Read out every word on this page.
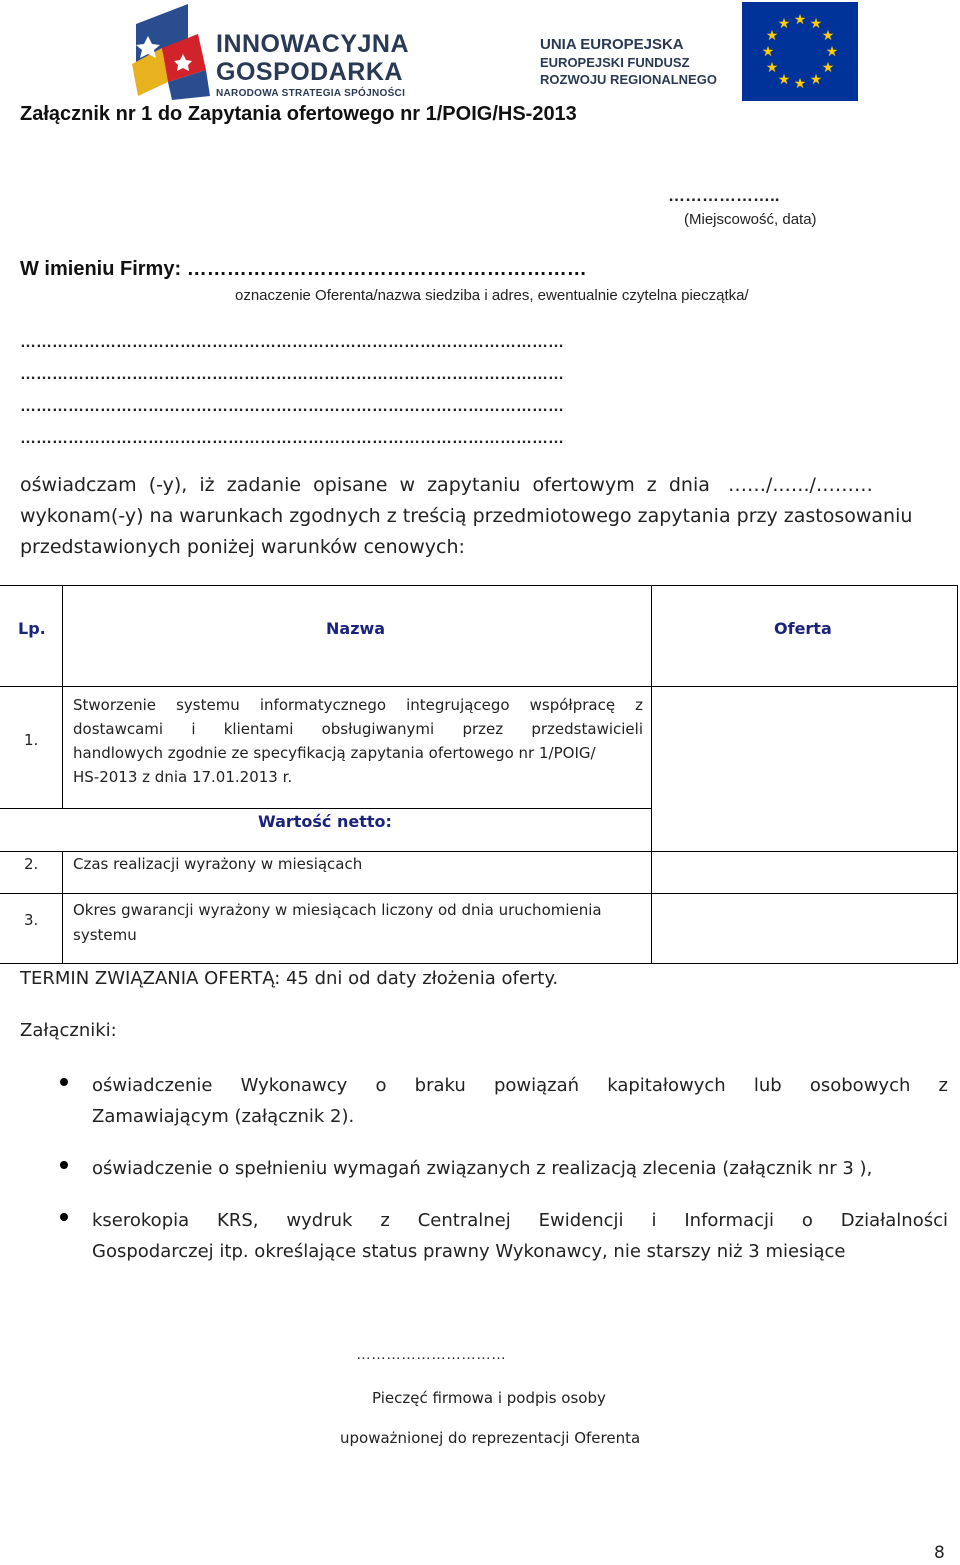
INNOWACYJNA
GOSPODARKA
NARODOWA STRATEGIA SPÓJNOŚCI
UNIA EUROPEJSKA
EUROPEJSKI FUNDUSZ
ROZWOJU REGIONALNEGO
★ ★
★
★
★
★
★
★
★
★
★
★
Załącznik nr 1 do Zapytania ofertowego nr 1/POIG/HS-2013
………………..
(Miejscowość, data)
W imieniu Firmy: ……………………………………………………
oznaczenie Oferenta/nazwa siedziba i adres, ewentualnie czytelna pieczątka/
…………………………………………………………………………………………
…………………………………………………………………………………………
…………………………………………………………………………………………
…………………………………………………………………………………………
oświadczam  (-y),  iż  zadanie  opisane  w  zapytaniu  ofertowym  z  dnia   ……/..…./………
wykonam(-y) na warunkach zgodnych z treścią przedmiotowego zapytania przy zastosowaniu
przedstawionych poniżej warunków cenowych:
Lp.	Nazwa	Oferta
1.
Stworzenie systemu informatycznego integrującego współpracę z
dostawcami i klientami obsługiwanymi przez przedstawicieli
handlowych zgodnie ze specyfikacją zapytania ofertowego nr 1/POIG/
HS-2013 z dnia 17.01.2013 r.
Wartość netto:
2. Czas realizacji wyrażony w miesiącach
3.
Okres gwarancji wyrażony w miesiącach liczony od dnia uruchomienia
systemu
TERMIN ZWIĄZANIA OFERTĄ: 45 dni od daty złożenia oferty.
Załączniki:
oświadczenie Wykonawcy o braku powiązań kapitałowych lub osobowych z
Zamawiającym (załącznik 2).
oświadczenie o spełnieniu wymagań związanych z realizacją zlecenia (załącznik nr 3 ),
kserokopia KRS, wydruk z Centralnej Ewidencji i Informacji o Działalności
Gospodarczej itp. określające status prawny Wykonawcy, nie starszy niż 3 miesiące
…………………………
Pieczęć firmowa i podpis osoby
upoważnionej do reprezentacji Oferenta
8
